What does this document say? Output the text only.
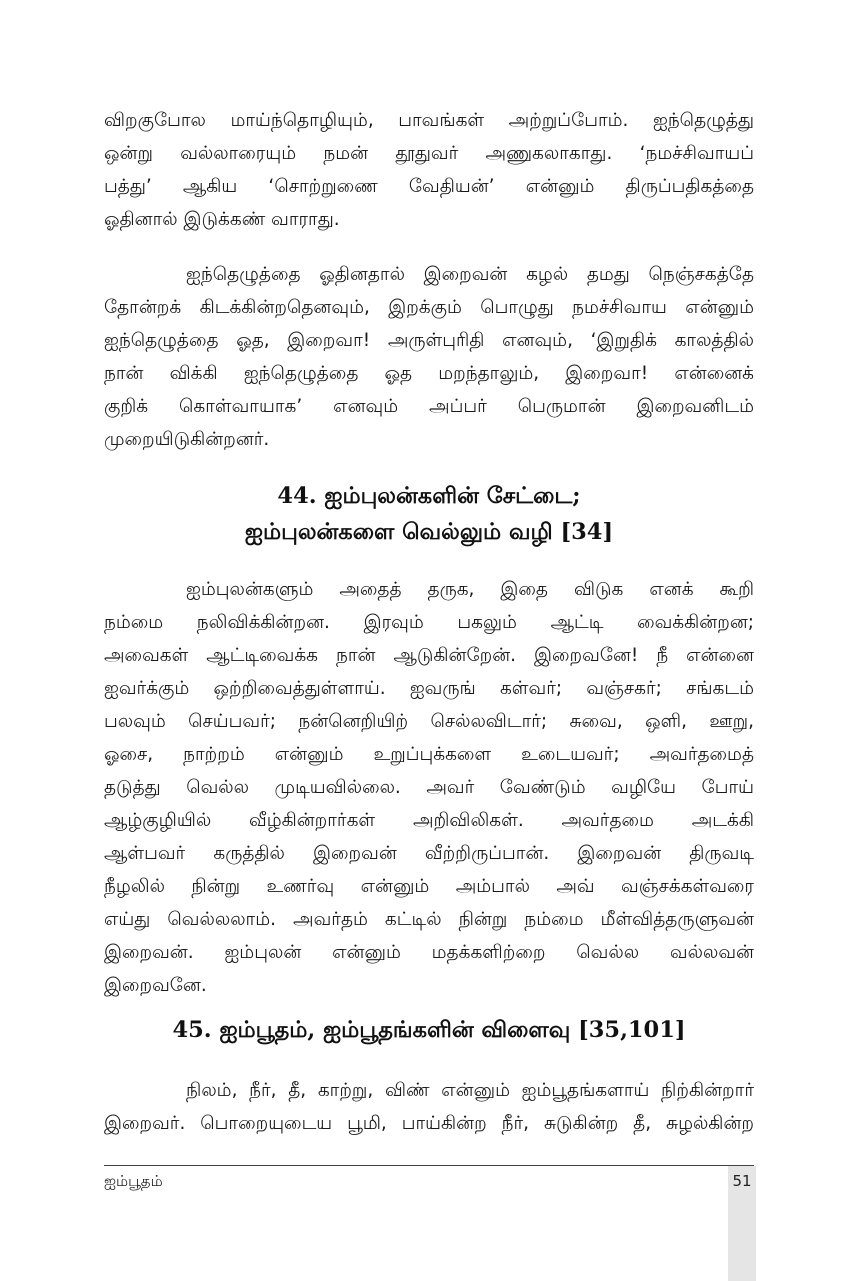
விறகுபோல மாய்ந்தொழியும், பாவங்கள் அற்றுப்போம். ஐந்தெழுத்து
ஒன்று வல்லாரையும் நமன் தூதுவர் அணுகலாகாது. ‘நமச்சிவாயப்
பத்து’ ஆகிய ‘சொற்றுணை வேதியன்’ என்னும் திருப்பதிகத்தை
ஓதினால் இடுக்கண் வாராது.
ஐந்தெழுத்தை ஓதினதால் இறைவன் கழல் தமது நெஞ்சகத்தே
தோன்றக் கிடக்கின்றதெனவும், இறக்கும் பொழுது நமச்சிவாய என்னும்
ஐந்தெழுத்தை ஓத, இறைவா! அருள்புரிதி எனவும், ‘இறுதிக் காலத்தில்
நான் விக்கி ஐந்தெழுத்தை ஓத மறந்தாலும், இறைவா! என்னைக்
குறிக் கொள்வாயாக’ எனவும் அப்பர் பெருமான் இறைவனிடம்
முறையிடுகின்றனர்.
44. ஐம்புலன்களின் சேட்டை;
ஐம்புலன்களை வெல்லும் வழி [34]
ஐம்புலன்களும் அதைத் தருக, இதை விடுக எனக் கூறி
நம்மை நலிவிக்கின்றன. இரவும் பகலும் ஆட்டி வைக்கின்றன;
அவைகள் ஆட்டிவைக்க நான் ஆடுகின்றேன். இறைவனே! நீ என்னை
ஐவர்க்கும் ஒற்றிவைத்துள்ளாய். ஐவருங் கள்வர்; வஞ்சகர்; சங்கடம்
பலவும் செய்பவர்; நன்னெறியிற் செல்லவிடார்; சுவை, ஒளி, ஊறு,
ஓசை, நாற்றம் என்னும் உறுப்புக்களை உடையவர்; அவர்தமைத்
தடுத்து வெல்ல முடியவில்லை. அவர் வேண்டும் வழியே போய்
ஆழ்குழியில் வீழ்கின்றார்கள் அறிவிலிகள். அவர்தமை அடக்கி
ஆள்பவர் கருத்தில் இறைவன் வீற்றிருப்பான். இறைவன் திருவடி
நீழலில் நின்று உணர்வு என்னும் அம்பால் அவ் வஞ்சக்கள்வரை
எய்து வெல்லலாம். அவர்தம் கட்டில் நின்று நம்மை மீள்வித்தருளுவன்
இறைவன். ஐம்புலன் என்னும் மதக்களிற்றை வெல்ல வல்லவன்
இறைவனே.
45. ஐம்பூதம், ஐம்பூதங்களின் விளைவு [35,101]
நிலம், நீர், தீ, காற்று, விண் என்னும் ஐம்பூதங்களாய் நிற்கின்றார்
இறைவர். பொறையுடைய பூமி, பாய்கின்ற நீர், சுடுகின்ற தீ, சுழல்கின்ற
ஐம்பூதம்	51
